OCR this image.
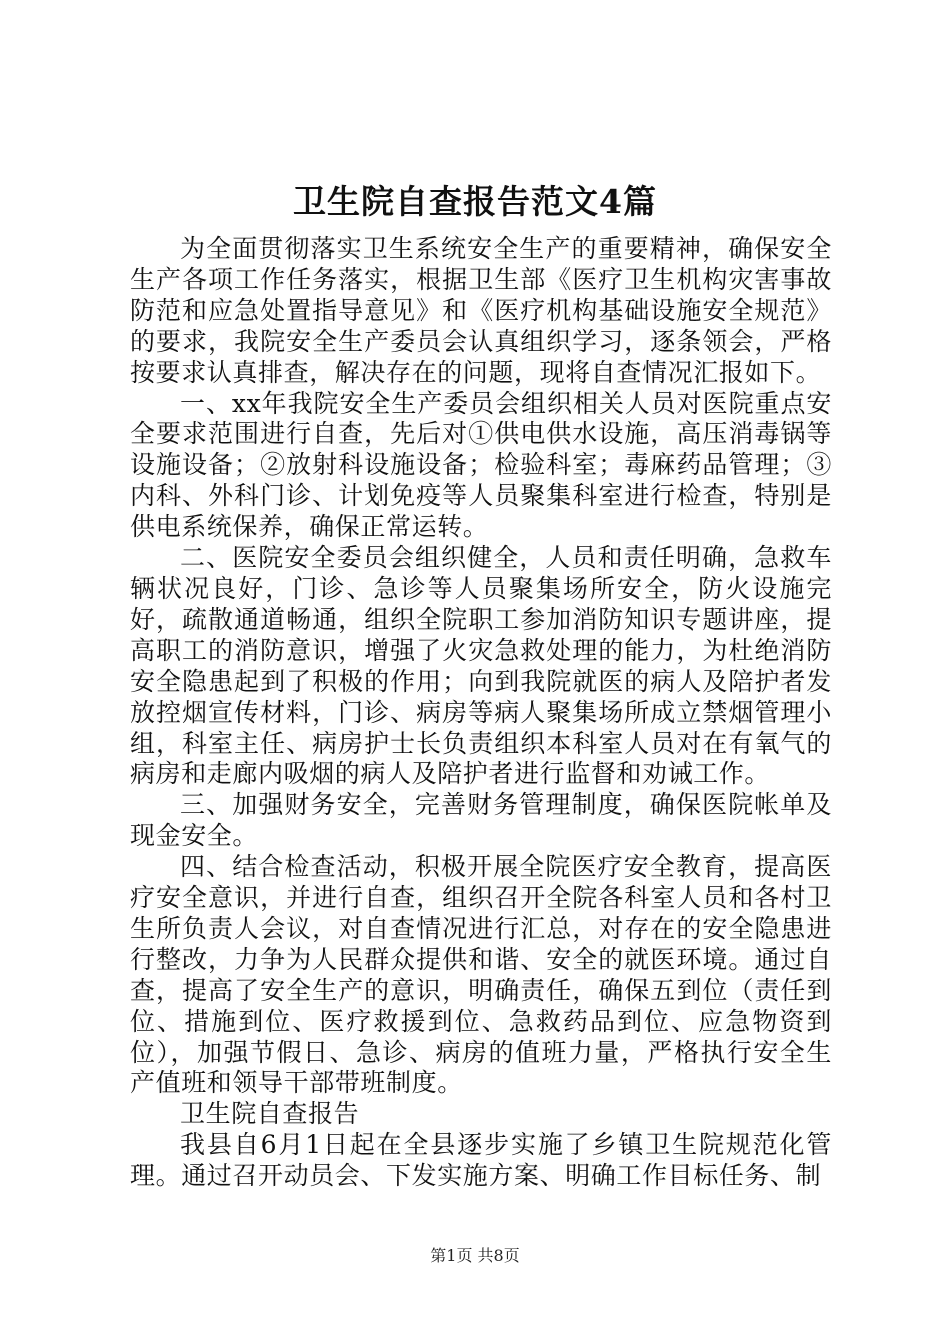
卫生院自查报告范文4篇

为全面贯彻落实卫生系统安全生产的重要精神，确保安全生产各项工作任务落实，根据卫生部《医疗卫生机构灾害事故防范和应急处置指导意见》和《医疗机构基础设施安全规范》的要求，我院安全生产委员会认真组织学习，逐条领会，严格按要求认真排查，解决存在的问题，现将自查情况汇报如下。

一、xx年我院安全生产委员会组织相关人员对医院重点安全要求范围进行自查，先后对①供电供水设施，高压消毒锅等设施设备；②放射科设施设备；检验科室；毒麻药品管理；③内科、外科门诊、计划免疫等人员聚集科室进行检查，特别是供电系统保养，确保正常运转。

二、医院安全委员会组织健全，人员和责任明确，急救车辆状况良好，门诊、急诊等人员聚集场所安全，防火设施完好，疏散通道畅通，组织全院职工参加消防知识专题讲座，提高职工的消防意识，增强了火灾急救处理的能力，为杜绝消防安全隐患起到了积极的作用；向到我院就医的病人及陪护者发放控烟宣传材料，门诊、病房等病人聚集场所成立禁烟管理小组，科室主任、病房护士长负责组织本科室人员对在有氧气的病房和走廊内吸烟的病人及陪护者进行监督和劝诫工作。

三、加强财务安全，完善财务管理制度，确保医院帐单及现金安全。

四、结合检查活动，积极开展全院医疗安全教育，提高医疗安全意识，并进行自查，组织召开全院各科室人员和各村卫生所负责人会议，对自查情况进行汇总，对存在的安全隐患进行整改，力争为人民群众提供和谐、安全的就医环境。通过自查，提高了安全生产的意识，明确责任，确保五到位（责任到位、措施到位、医疗救援到位、急救药品到位、应急物资到位），加强节假日、急诊、病房的值班力量，严格执行安全生产值班和领导干部带班制度。

卫生院自查报告

我县自6月1日起在全县逐步实施了乡镇卫生院规范化管理。通过召开动员会、下发实施方案、明确工作目标任务、制

第1页 共8页
